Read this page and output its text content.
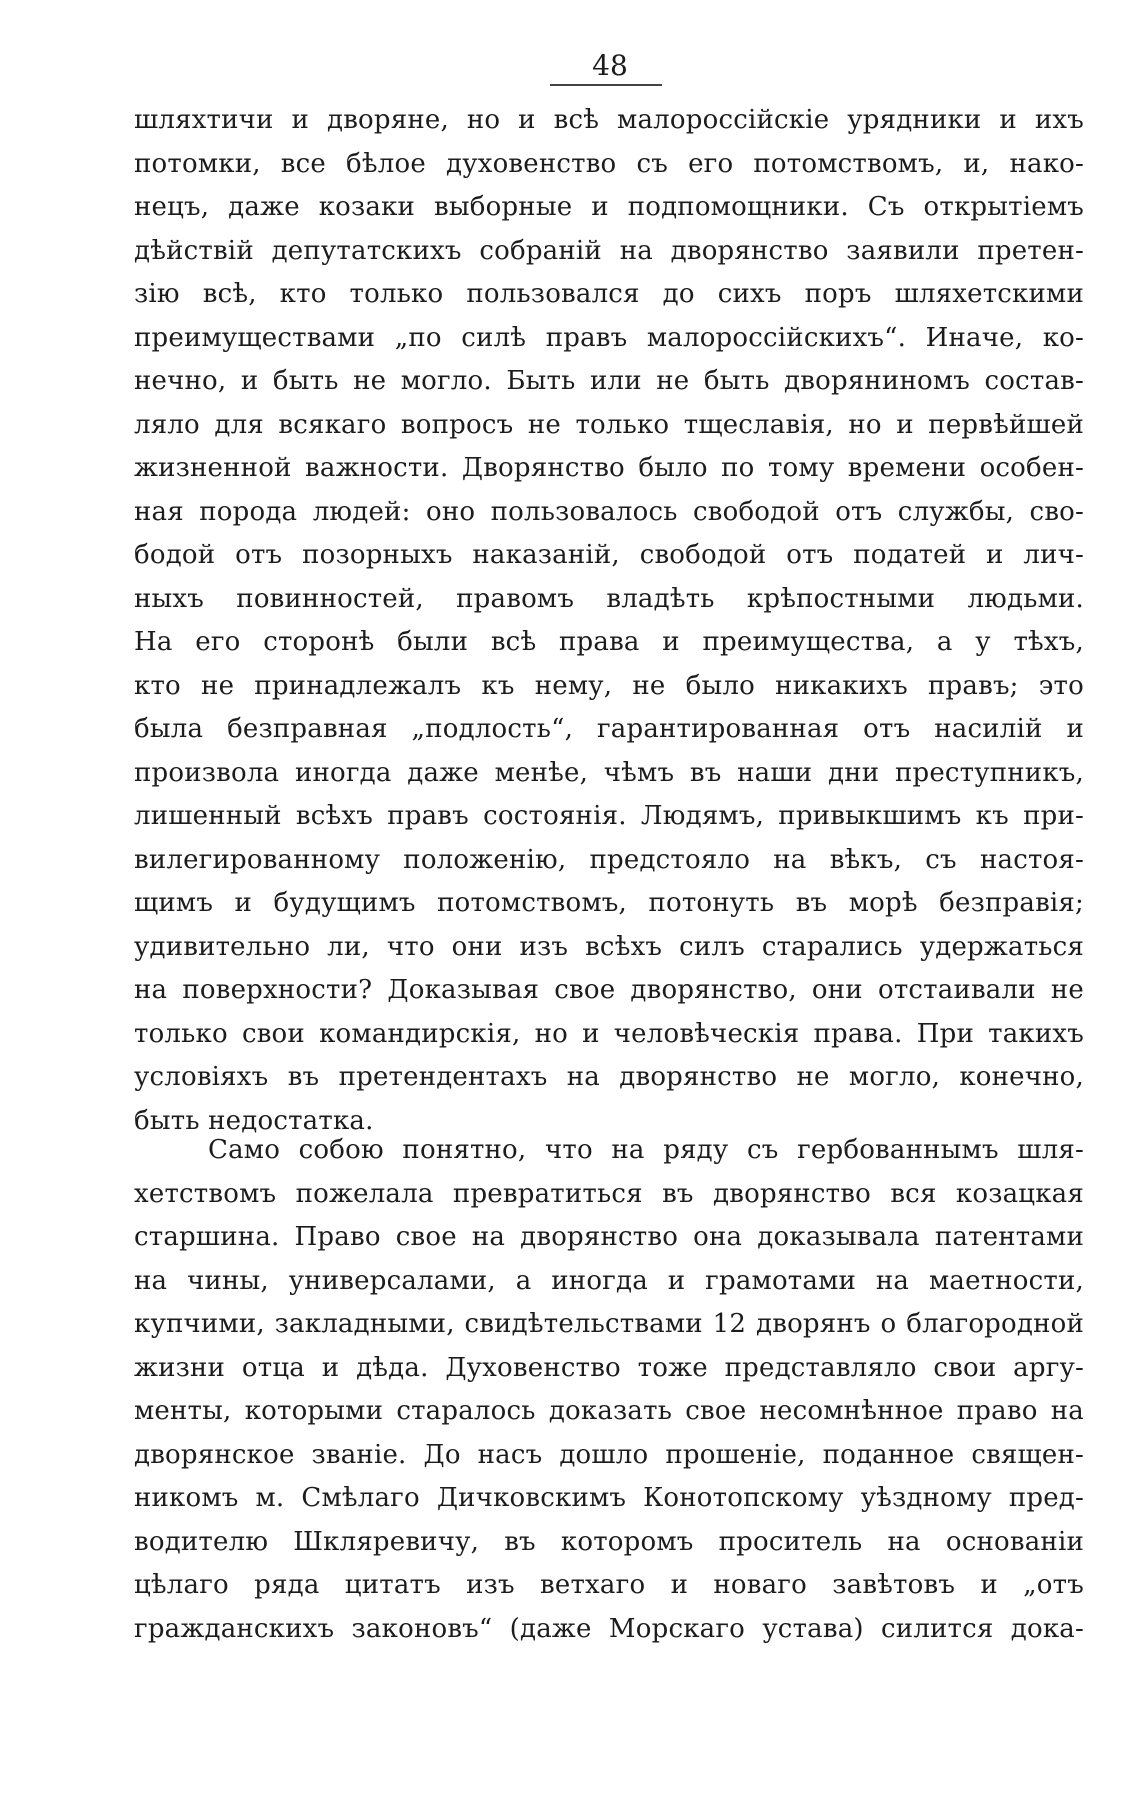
48
шляхтичи и дворяне, но и всѣ малороссійскіе урядники и ихъ
потомки, все бѣлое духовенство съ его потомствомъ, и, нако-
нецъ, даже козаки выборные и подпомощники. Съ открытіемъ
дѣйствій депутатскихъ собраній на дворянство заявили претен-
зію всѣ, кто только пользовался до сихъ поръ шляхетскими
преимуществами „по силѣ правъ малороссійскихъ“. Иначе, ко-
нечно, и быть не могло. Быть или не быть дворяниномъ состав-
ляло для всякаго вопросъ не только тщеславія, но и первѣйшей
жизненной важности. Дворянство было по тому времени особен-
ная порода людей: оно пользовалось свободой отъ службы, сво-
бодой отъ позорныхъ наказаній, свободой отъ податей и лич-
ныхъ повинностей, правомъ владѣть крѣпостными людьми.
На его сторонѣ были всѣ права и преимущества, а у тѣхъ,
кто не принадлежалъ къ нему, не было никакихъ правъ; это
была безправная „подлость“, гарантированная отъ насилій и
произвола иногда даже менѣе, чѣмъ въ наши дни преступникъ,
лишенный всѣхъ правъ состоянія. Людямъ, привыкшимъ къ при-
вилегированному положенію, предстояло на вѣкъ, съ настоя-
щимъ и будущимъ потомствомъ, потонуть въ морѣ безправія;
удивительно ли, что они изъ всѣхъ силъ старались удержаться
на поверхности? Доказывая свое дворянство, они отстаивали не
только свои командирскія, но и человѣческія права. При такихъ
условіяхъ въ претендентахъ на дворянство не могло, конечно,
быть недостатка.
Само собою понятно, что на ряду съ гербованнымъ шля-
хетствомъ пожелала превратиться въ дворянство вся козацкая
старшина. Право свое на дворянство она доказывала патентами
на чины, универсалами, а иногда и грамотами на маетности,
купчими, закладными, свидѣтельствами 12 дворянъ о благородной
жизни отца и дѣда. Духовенство тоже представляло свои аргу-
менты, которыми старалось доказать свое несомнѣнное право на
дворянское званіе. До насъ дошло прошеніе, поданное священ-
никомъ м. Смѣлаго Дичковскимъ Конотопскому уѣздному пред-
водителю Шкляревичу, въ которомъ проситель на основаніи
цѣлаго ряда цитатъ изъ ветхаго и новаго завѣтовъ и „отъ
гражданскихъ законовъ“ (даже Морскаго устава) силится дока-
